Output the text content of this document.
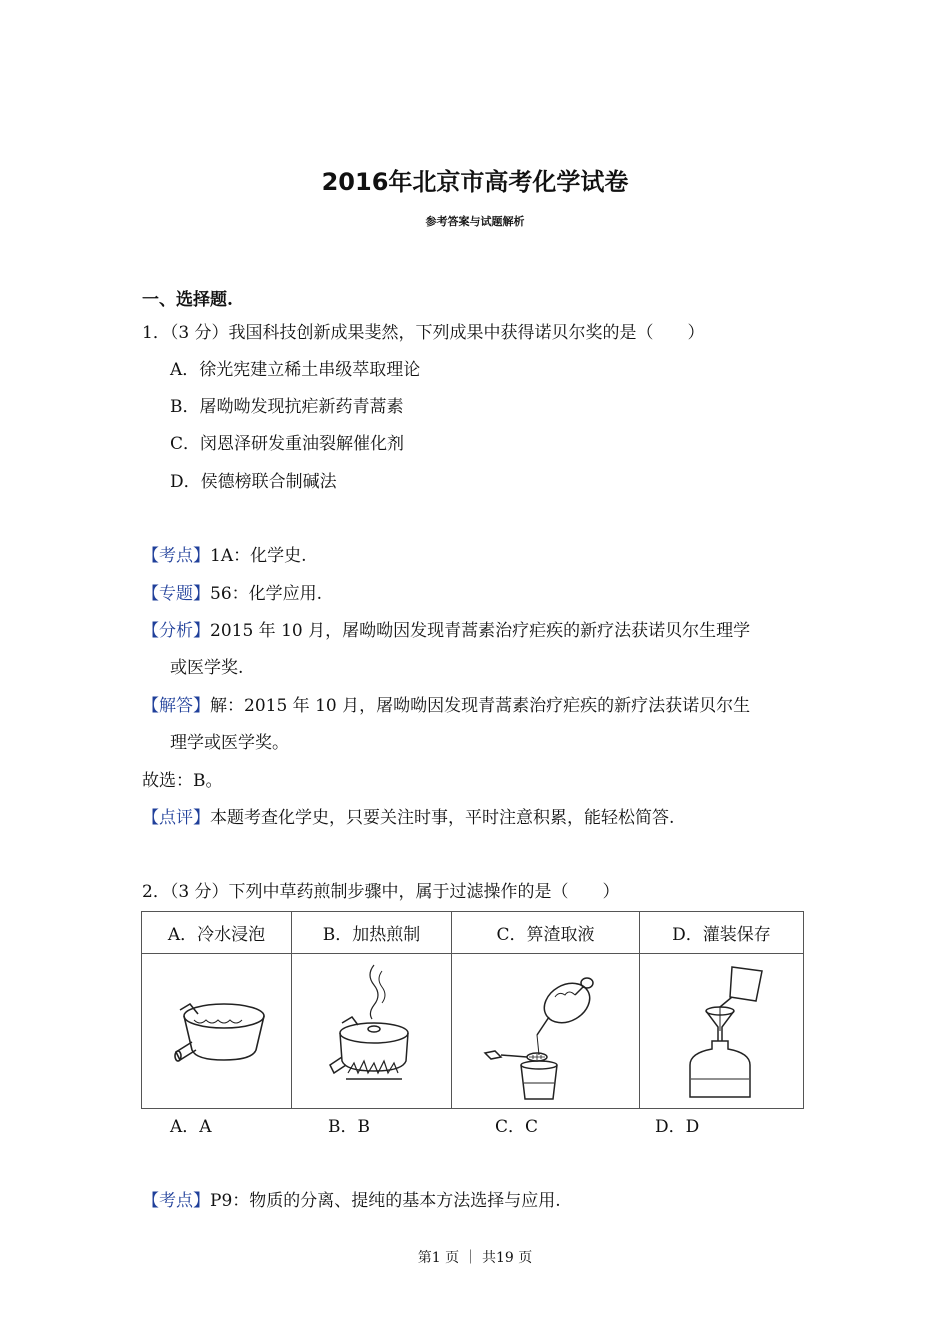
2016年北京市高考化学试卷
参考答案与试题解析
一、选择题.
1．（3 分）我国科技创新成果斐然，下列成果中获得诺贝尔奖的是（　　）
A．徐光宪建立稀土串级萃取理论
B．屠呦呦发现抗疟新药青蒿素
C．闵恩泽研发重油裂解催化剂
D．侯德榜联合制碱法
【考点】1A：化学史.
【专题】56：化学应用.
【分析】2015 年 10 月，屠呦呦因发现青蒿素治疗疟疾的新疗法获诺贝尔生理学
或医学奖.
【解答】解：2015 年 10 月，屠呦呦因发现青蒿素治疗疟疾的新疗法获诺贝尔生
理学或医学奖。
故选：B。
【点评】本题考查化学史，只要关注时事，平时注意积累，能轻松简答.
2．（3 分）下列中草药煎制步骤中，属于过滤操作的是（　　）
A．冷水浸泡	B．加热煎制	C．箅渣取液	D．灌装保存

A．A	B．B	C．C	D．D
【考点】P9：物质的分离、提纯的基本方法选择与应用.
第1 页 ｜ 共19 页
